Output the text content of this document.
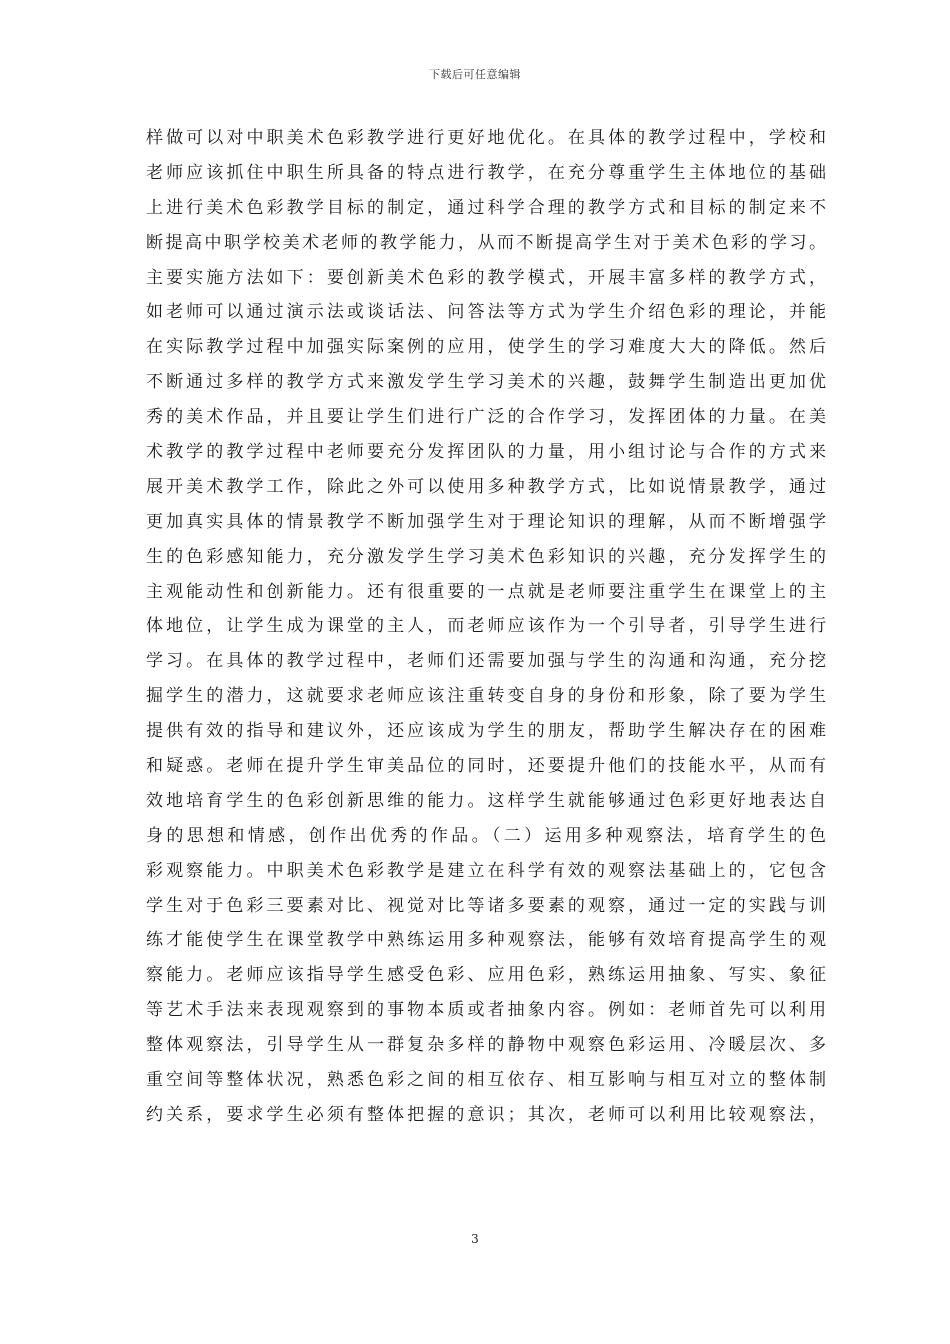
下载后可任意编辑
样做可以对中职美术色彩教学进行更好地优化。在具体的教学过程中，学校和
老师应该抓住中职生所具备的特点进行教学，在充分尊重学生主体地位的基础
上进行美术色彩教学目标的制定，通过科学合理的教学方式和目标的制定来不
断提高中职学校美术老师的教学能力，从而不断提高学生对于美术色彩的学习。
主要实施方法如下：要创新美术色彩的教学模式，开展丰富多样的教学方式，
如老师可以通过演示法或谈话法、问答法等方式为学生介绍色彩的理论，并能
在实际教学过程中加强实际案例的应用，使学生的学习难度大大的降低。然后
不断通过多样的教学方式来激发学生学习美术的兴趣，鼓舞学生制造出更加优
秀的美术作品，并且要让学生们进行广泛的合作学习，发挥团体的力量。在美
术教学的教学过程中老师要充分发挥团队的力量，用小组讨论与合作的方式来
展开美术教学工作，除此之外可以使用多种教学方式，比如说情景教学，通过
更加真实具体的情景教学不断加强学生对于理论知识的理解，从而不断增强学
生的色彩感知能力，充分激发学生学习美术色彩知识的兴趣，充分发挥学生的
主观能动性和创新能力。还有很重要的一点就是老师要注重学生在课堂上的主
体地位，让学生成为课堂的主人，而老师应该作为一个引导者，引导学生进行
学习。在具体的教学过程中，老师们还需要加强与学生的沟通和沟通，充分挖
掘学生的潜力，这就要求老师应该注重转变自身的身份和形象，除了要为学生
提供有效的指导和建议外，还应该成为学生的朋友，帮助学生解决存在的困难
和疑惑。老师在提升学生审美品位的同时，还要提升他们的技能水平，从而有
效地培育学生的色彩创新思维的能力。这样学生就能够通过色彩更好地表达自
身的思想和情感，创作出优秀的作品。（二）运用多种观察法，培育学生的色
彩观察能力。中职美术色彩教学是建立在科学有效的观察法基础上的，它包含
学生对于色彩三要素对比、视觉对比等诸多要素的观察，通过一定的实践与训
练才能使学生在课堂教学中熟练运用多种观察法，能够有效培育提高学生的观
察能力。老师应该指导学生感受色彩、应用色彩，熟练运用抽象、写实、象征
等艺术手法来表现观察到的事物本质或者抽象内容。例如：老师首先可以利用
整体观察法，引导学生从一群复杂多样的静物中观察色彩运用、冷暖层次、多
重空间等整体状况，熟悉色彩之间的相互依存、相互影响与相互对立的整体制
约关系，要求学生必须有整体把握的意识；其次，老师可以利用比较观察法，
3
